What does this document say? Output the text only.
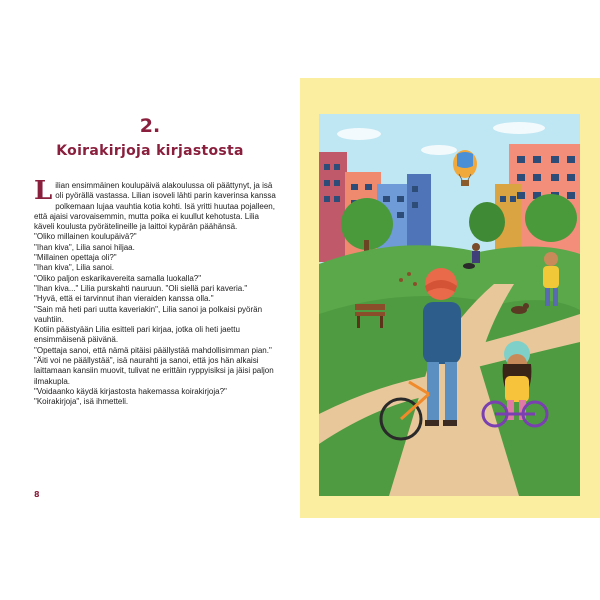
2.
Koirakirjoja kirjastosta

Lilian ensimmäinen koulupäivä alakoulussa oli päättynyt, ja isä oli pyörällä vastassa. Lilian isoveli lähti parin kaverinsa kanssa polkemaan lujaa vauhtia kotia kohti. Isä yritti huutaa pojalleen, että ajaisi varovaisemmin, mutta poika ei kuullut kehotusta. Lilia käveli koulusta pyörätelineille ja laittoi kypärän päähänsä.

"Oliko millainen koulupäivä?"

"Ihan kiva", Lilia sanoi hiljaa.

"Millainen opettaja oli?"

"Ihan kiva", Lilia sanoi.

"Oliko paljon eskarikavereita samalla luokalla?"

"Ihan kiva..." Lilia purskahti nauruun. "Oli siellä pari kaveria."

"Hyvä, että ei tarvinnut ihan vieraiden kanssa olla."

"Sain mä heti pari uutta kaveriakin", Lilia sanoi ja polkaisi pyörän vauhtiin.

Kotiin päästyään Lilia esitteli pari kirjaa, jotka oli heti jaettu ensimmäisenä päivänä.

"Opettaja sanoi, että nämä pitäisi päällystää mahdollisimman pian."

"Äiti voi ne päällystää", isä naurahti ja sanoi, että jos hän alkaisi laittamaan kansiin muovit, tulivat ne erittäin ryppyisiksi ja jäisi paljon ilmakupla.

"Voidaanko käydä kirjastosta hakemassa koirakirjoja?"

"Koirakirjoja", isä ihmetteli.

8
